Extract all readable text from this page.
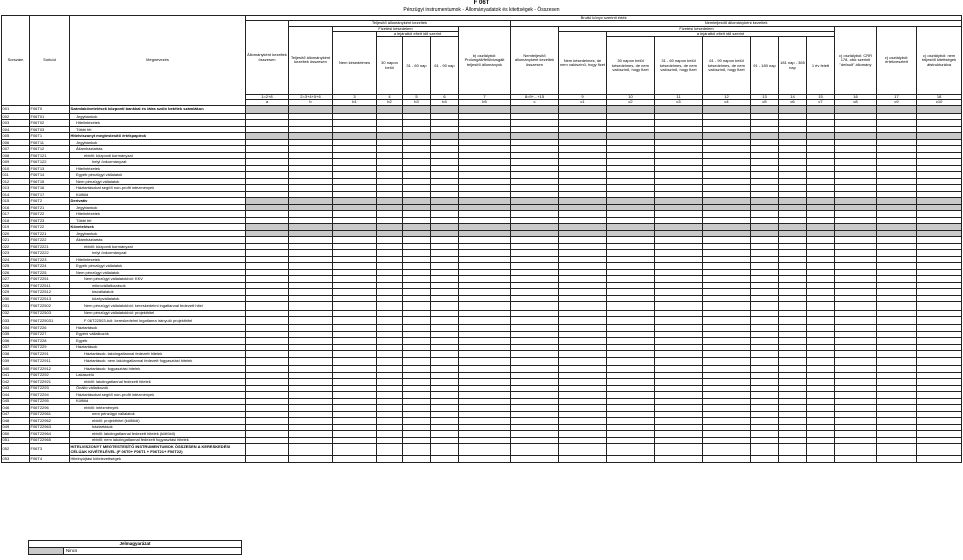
F 06T
Pénzügyi instrumentumok - Állományadatok és kitettségek - Összesen
Sorszám	Sorkód	Megnevezés	Bruttó könyv szerinti érték																	
			Állományként kezeltek összesen	Teljesítő állományként kezeltek						Nemteljesítő állományként kezeltek										
				Teljesítő állományként kezeltek összesen	Fizetési késedelem				b) osztályból: Prolongált/felülvizsgált teljesítő állományok	Nemteljesítő állományként kezeltek összesen	Fizetési késedelem							c) osztályból: CRR 178. cikk szerinti "default" állomány	c) osztályból: értékvesztett	c) osztályból: nem teljesítő kitettségek átstrukturálva
					Nem késedelmes	a lejárattól eltelt idő szerint					Nem késedelmes, de nem valószínű, hogy fizet	a lejárattól eltelt idő szerint								
						30 napon belül	31 - 60 nap	61 - 90 nap				30 napon belül késedelmes, de nem valószínű, hogy fizet	31 - 60 napon belül késedelmes, de nem valószínű, hogy fizet	61 - 90 napon belül késedelmes, de nem valószínű, hogy fizet	91 - 180 nap	181 nap - 365 nap	1 év felett			
			1=2+8	2=3+4+5+6	3	4	5	6	7	8=9+...+15	9	10	11	12	13	14	15	16	17	18
			a	b	b1	b2	b3	b4	b5	c	c1	c2	c3	c4	c5	c6	c7	c8	c9	c10
001	F06T0	Számlakövetelések központi bankkal és látra szóló betétek számlákon																		
002	F06T01	Jegybankok																		
003	F06T02	Hitelintézetek																		
004	F06T03	Többi fél																		
005	F06T1	Hitelviszonyt megtestesítő értékpapírok																		
006	F06T11	Jegybankok																		
007	F06T12	Államháztartás																		
008	F06T121	ebből: központi kormányzat																		
009	F06T122	helyi önkormányzat																		
010	F06T13	Hitelintézetek																		
011	F06T14	Egyéb pénzügyi vállalatok																		
012	F06T15	Nem pénzügyi vállalatok																		
013	F06T16	Háztartásokat segítő non-profit intézmények																		
014	F06T17	Külföld																		
015	F06T2	Derivatív																		
016	F06T21	Jegybankok																		
017	F06T22	Hitelintézetek																		
018	F06T23	Többi fél																		
019	F06T22	Követelések																		
020	F06T221	Jegybankok																		
021	F06T222	Államháztartás																		
022	F06T2221	ebből: központi kormányzat																		
023	F06T2222	helyi önkormányzat																		
024	F06T223	Hitelintézetek																		
025	F06T224	Egyéb pénzügyi vállalatok																		
026	F06T225	Nem pénzügyi vállalatok																		
027	F06T2251	Nem pénzügyi vállalatokból: KKV																		
028	F06T22511	mikrovállalkozások																		
029	F06T22512	kisvállalatok																		
030	F06T22513	középvállalatok																		
031	F06T22502	Nem pénzügyi vállalatokból: kereskedelmi ingatlannal fedezett hitel																		
032	F06T22503	Nem pénzügyi vállalatokból: projekthitel																		
033	F06T225031	F 06T22503-ból: kereskedelmi ingatlanra irányuló projekthitel																		
034	F06T226	Háztartások																		
035	F06T227	Egyéni vállalkozók																		
036	F06T228	Egyéb																		
037	F06T229	Háztartások																		
038	F06T2291	Háztartások: lakóingatlannal fedezett hitelek																		
039	F06T22911	Háztartások: nem lakóingatlannal fedezett fogyasztási hitelek																		
040	F06T22912	Háztartások: fogyasztási hitelek																		
041	F06T2292	Lakáscélú																		
042	F06T22921	ebből: lakóingatlannal fedezett hitelek																		
043	F06T2293	Önálló vállalkozók																		
044	F06T2294	Háztartásokat segítő non-profit intézmények																		
045	F06T2295	Külföld																		
046	F06T2296	ebből: intézmények																		
047	F06T22961	nem pénzügyi vállalatok																		
048	F06T22962	ebből: projekthitel (külföldi)																		
049	F06T22963	háztartások																		
050	F06T22964	ebből: lakóingatlannal fedezett hitelek (külföldi)																		
051	F06T22965	ebből: nem lakóingatlannal fedezett fogyasztási hitelek																		
052	F06T3	HITELVISZONYT MEGTESTESÍTŐ INSTRUMENTUMOK ÖSSZESEN A KERESKEDÉSI CÉLÚAK KIVÉTELÉVEL (F 06T0+ F06T1 + F06T21+ F06T22)																		
053	F06T4	Hitelnyújtási kötelezettségek																		
Jelmagyarázat
Nincs
